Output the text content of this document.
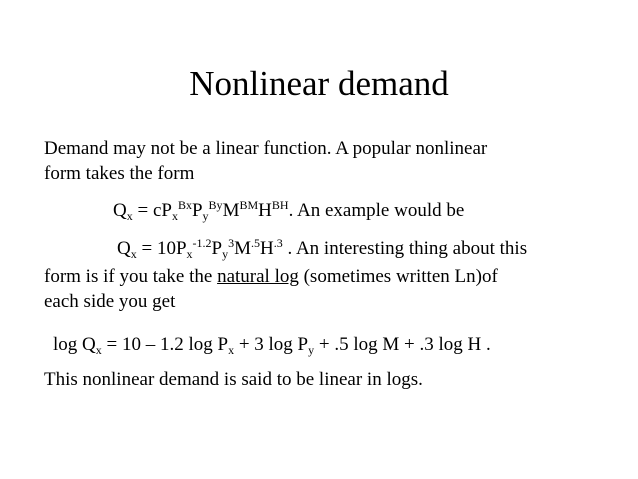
Nonlinear demand
Demand may not be a linear function. A popular nonlinear
form takes the form
$Q_x = cP_x^{Bx}P_y^{By}M^{BM}H^{BH}$. An example would be
$Q_x = 10P_x^{-1.2}P_y^3M^{.5}H^{.3}$ . An interesting thing about this
form is if you take the natural log (sometimes written Ln)of
each side you get
$\log Q_x = 10 - 1.2$ $\log P_x + 3$ $\log P_y + .5$ log M + .3 log H .
This nonlinear demand is said to be linear in logs.
